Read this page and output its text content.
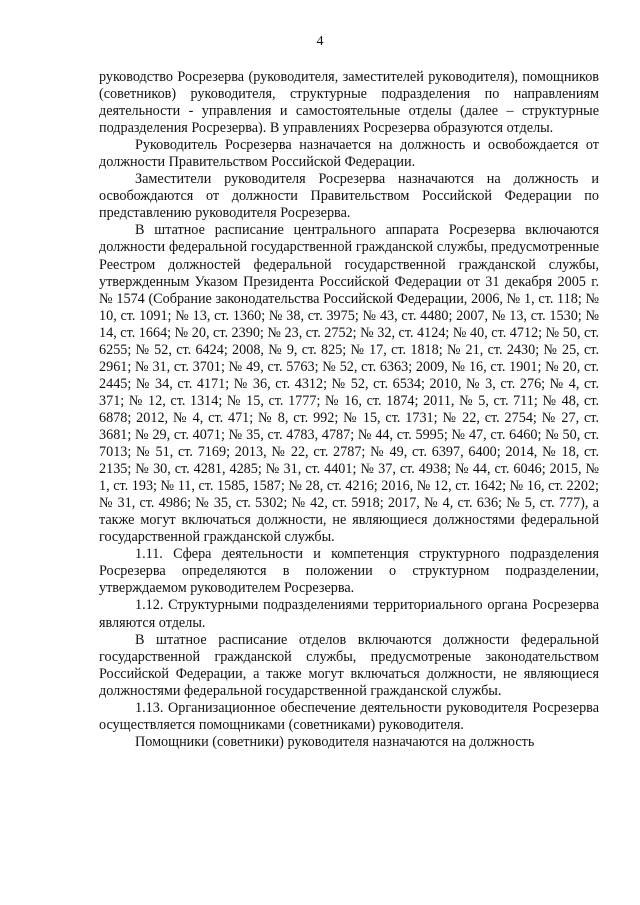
4

руководство Росрезерва (руководителя, заместителей руководителя), помощников (советников) руководителя, структурные подразделения по направлениям деятельности - управления и самостоятельные отделы (далее – структурные подразделения Росрезерва). В управлениях Росрезерва образуются отделы.

Руководитель Росрезерва назначается на должность и освобождается от должности Правительством Российской Федерации.

Заместители руководителя Росрезерва назначаются на должность и освобождаются от должности Правительством Российской Федерации по представлению руководителя Росрезерва.

В штатное расписание центрального аппарата Росрезерва включаются должности федеральной государственной гражданской службы, предусмотренные Реестром должностей федеральной государственной гражданской службы, утвержденным Указом Президента Российской Федерации от 31 декабря 2005 г. № 1574 (Собрание законодательства Российской Федерации, 2006, № 1, ст. 118; № 10, ст. 1091; № 13, ст. 1360; № 38, ст. 3975; № 43, ст. 4480; 2007, № 13, ст. 1530; № 14, ст. 1664; № 20, ст. 2390; № 23, ст. 2752; № 32, ст. 4124; № 40, ст. 4712; № 50, ст. 6255; № 52, ст. 6424; 2008, № 9, ст. 825; № 17, ст. 1818; № 21, ст. 2430; № 25, ст. 2961; № 31, ст. 3701; № 49, ст. 5763; № 52, ст. 6363; 2009, № 16, ст. 1901; № 20, ст. 2445; № 34, ст. 4171; № 36, ст. 4312; № 52, ст. 6534; 2010, № 3, ст. 276; № 4, ст. 371; № 12, ст. 1314; № 15, ст. 1777; № 16, ст. 1874; 2011, № 5, ст. 711; № 48, ст. 6878; 2012, № 4, ст. 471; № 8, ст. 992; № 15, ст. 1731; № 22, ст. 2754; № 27, ст. 3681; № 29, ст. 4071; № 35, ст. 4783, 4787; № 44, ст. 5995; № 47, ст. 6460; № 50, ст. 7013; № 51, ст. 7169; 2013, № 22, ст. 2787; № 49, ст. 6397, 6400; 2014, № 18, ст. 2135; № 30, ст. 4281, 4285; № 31, ст. 4401; № 37, ст. 4938; № 44, ст. 6046; 2015, № 1, ст. 193; № 11, ст. 1585, 1587; № 28, ст. 4216; 2016, № 12, ст. 1642; № 16, ст. 2202; № 31, ст. 4986; № 35, ст. 5302; № 42, ст. 5918; 2017, № 4, ст. 636; № 5, ст. 777), а также могут включаться должности, не являющиеся должностями федеральной государственной гражданской службы.

1.11. Сфера деятельности и компетенция структурного подразделения Росрезерва определяются в положении о структурном подразделении, утверждаемом руководителем Росрезерва.

1.12. Структурными подразделениями территориального органа Росрезерва являются отделы.

В штатное расписание отделов включаются должности федеральной государственной гражданской службы, предусмотреные законодательством Российской Федерации, а также могут включаться должности, не являющиеся должностями федеральной государственной гражданской службы.

1.13. Организационное обеспечение деятельности руководителя Росрезерва осуществляется помощниками (советниками) руководителя.

Помощники (советники) руководителя назначаются на должность
